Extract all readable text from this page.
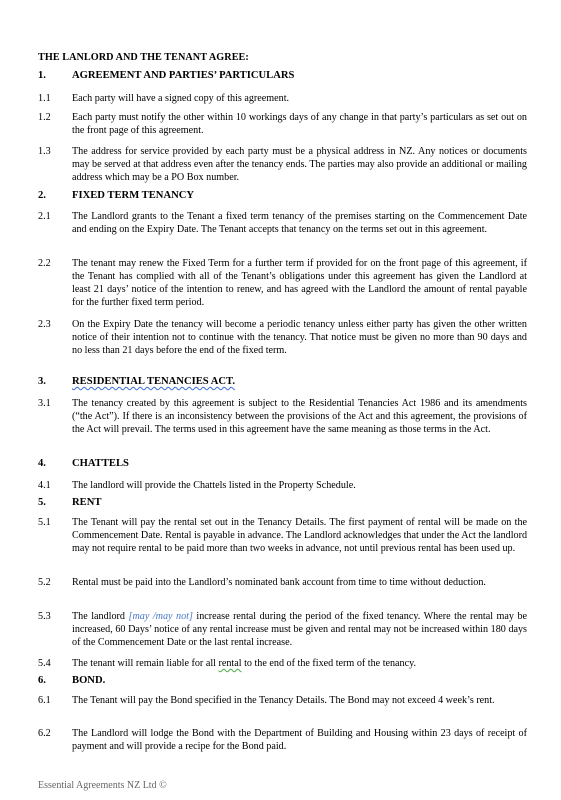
THE LANLORD AND THE TENANT AGREE:
1. AGREEMENT AND PARTIES’ PARTICULARS
1.1 Each party will have a signed copy of this agreement.
1.2 Each party must notify the other within 10 workings days of any change in that party’s particulars as set out on the front page of this agreement.
1.3 The address for service provided by each party must be a physical address in NZ. Any notices or documents may be served at that address even after the tenancy ends. The parties may also provide an additional or mailing address which may be a PO Box number.
2. FIXED TERM TENANCY
2.1 The Landlord grants to the Tenant a fixed term tenancy of the premises starting on the Commencement Date and ending on the Expiry Date. The Tenant accepts that tenancy on the terms set out in this agreement.
2.2 The tenant may renew the Fixed Term for a further term if provided for on the front page of this agreement, if the Tenant has complied with all of the Tenant’s obligations under this agreement has given the Landlord at least 21 days’ notice of the intention to renew, and has agreed with the Landlord the amount of rental payable for the further fixed term period.
2.3 On the Expiry Date the tenancy will become a periodic tenancy unless either party has given the other written notice of their intention not to continue with the tenancy. That notice must be given no more than 90 days and no less than 21 days before the end of the fixed term.
3. RESIDENTIAL TENANCIES ACT.
3.1 The tenancy created by this agreement is subject to the Residential Tenancies Act 1986 and its amendments (“the Act”). If there is an inconsistency between the provisions of the Act and this agreement, the provisions of the Act will prevail. The terms used in this agreement have the same meaning as those terms in the Act.
4. CHATTELS
4.1 The landlord will provide the Chattels listed in the Property Schedule.
5. RENT
5.1 The Tenant will pay the rental set out in the Tenancy Details. The first payment of rental will be made on the Commencement Date. Rental is payable in advance. The Landlord acknowledges that under the Act the landlord may not require rental to be paid more than two weeks in advance, not until previous rental has been used up.
5.2 Rental must be paid into the Landlord’s nominated bank account from time to time without deduction.
5.3 The landlord [may /may not] increase rental during the period of the fixed tenancy. Where the rental may be increased, 60 Days’ notice of any rental increase must be given and rental may not be increased within 180 days of the Commencement Date or the last rental increase.
5.4 The tenant will remain liable for all rental to the end of the fixed term of the tenancy.
6. BOND.
6.1 The Tenant will pay the Bond specified in the Tenancy Details. The Bond may not exceed 4 week’s rent.
6.2 The Landlord will lodge the Bond with the Department of Building and Housing within 23 days of receipt of payment and will provide a recipe for the Bond paid.
Essential Agreements NZ Ltd ©
